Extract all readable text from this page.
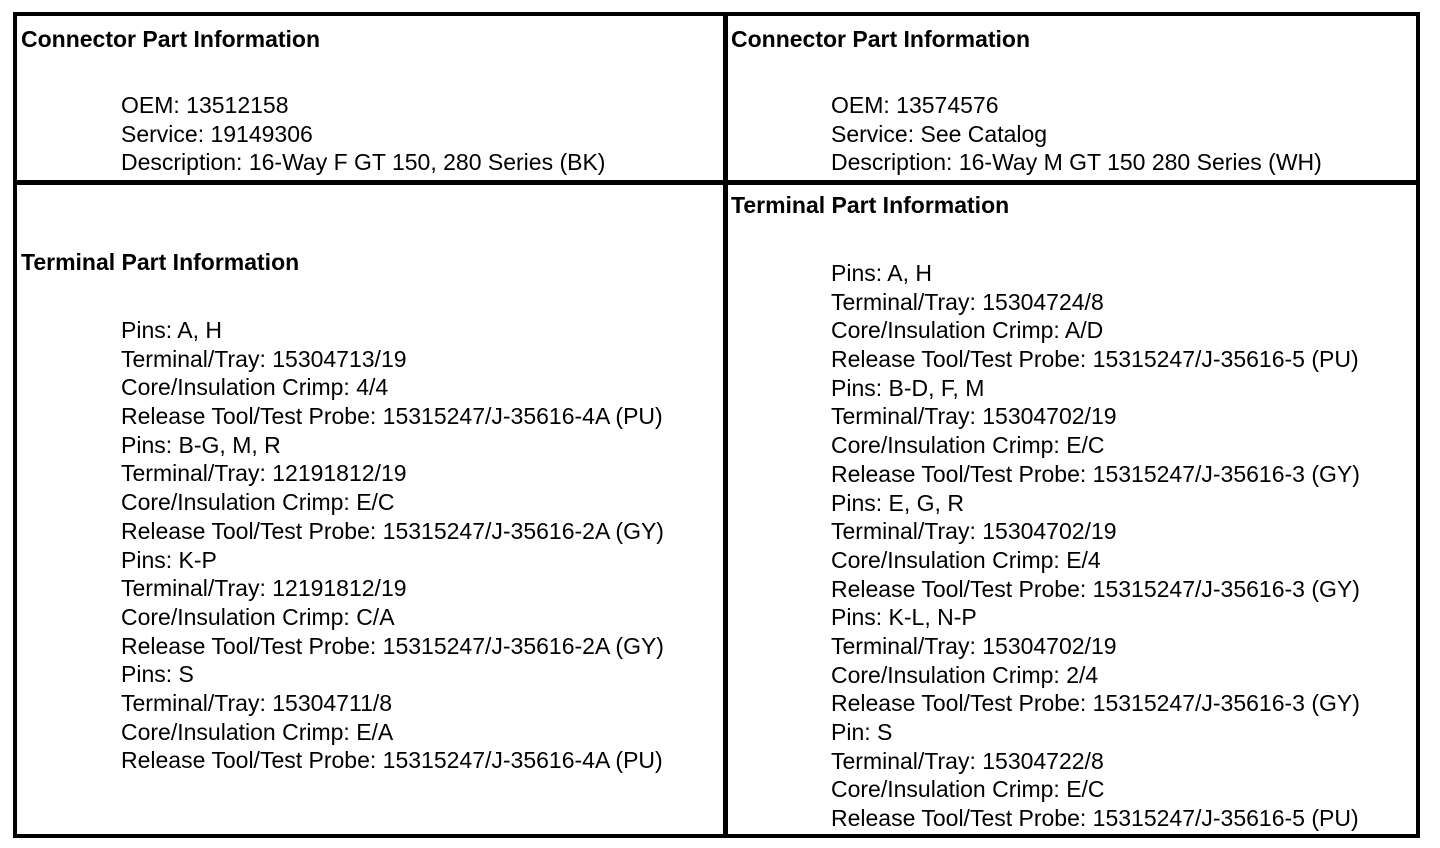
Connector Part Information
OEM: 13512158
Service: 19149306
Description: 16-Way F GT 150, 280 Series (BK)
Connector Part Information
OEM: 13574576
Service: See Catalog
Description: 16-Way M GT 150 280 Series (WH)
Terminal Part Information
Pins: A, H
Terminal/Tray: 15304713/19
Core/Insulation Crimp: 4/4
Release Tool/Test Probe: 15315247/J-35616-4A (PU)
Pins: B-G, M, R
Terminal/Tray: 12191812/19
Core/Insulation Crimp: E/C
Release Tool/Test Probe: 15315247/J-35616-2A (GY)
Pins: K-P
Terminal/Tray: 12191812/19
Core/Insulation Crimp: C/A
Release Tool/Test Probe: 15315247/J-35616-2A (GY)
Pins: S
Terminal/Tray: 15304711/8
Core/Insulation Crimp: E/A
Release Tool/Test Probe: 15315247/J-35616-4A (PU)
Terminal Part Information
Pins: A, H
Terminal/Tray: 15304724/8
Core/Insulation Crimp: A/D
Release Tool/Test Probe: 15315247/J-35616-5 (PU)
Pins: B-D, F, M
Terminal/Tray: 15304702/19
Core/Insulation Crimp: E/C
Release Tool/Test Probe: 15315247/J-35616-3 (GY)
Pins: E, G, R
Terminal/Tray: 15304702/19
Core/Insulation Crimp: E/4
Release Tool/Test Probe: 15315247/J-35616-3 (GY)
Pins: K-L, N-P
Terminal/Tray: 15304702/19
Core/Insulation Crimp: 2/4
Release Tool/Test Probe: 15315247/J-35616-3 (GY)
Pin: S
Terminal/Tray: 15304722/8
Core/Insulation Crimp: E/C
Release Tool/Test Probe: 15315247/J-35616-5 (PU)
